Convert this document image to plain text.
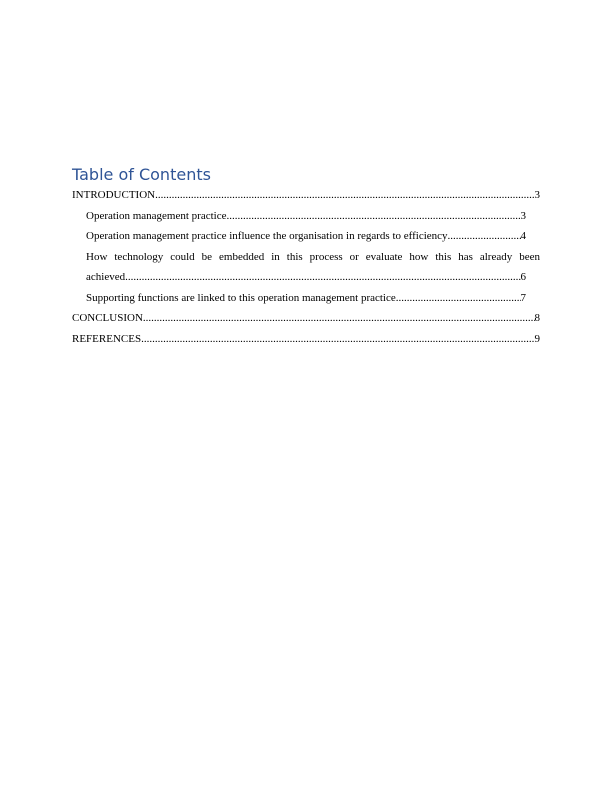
Table of Contents
INTRODUCTION .....	3
Operation management practice .....	3
Operation management practice influence the organisation in regards to efficiency .....	4
How technology could be embedded in this process or evaluate how this has already been
achieved .....	6
Supporting functions are linked to this operation management practice .....	7
CONCLUSION .....	8
REFERENCES .....	9
